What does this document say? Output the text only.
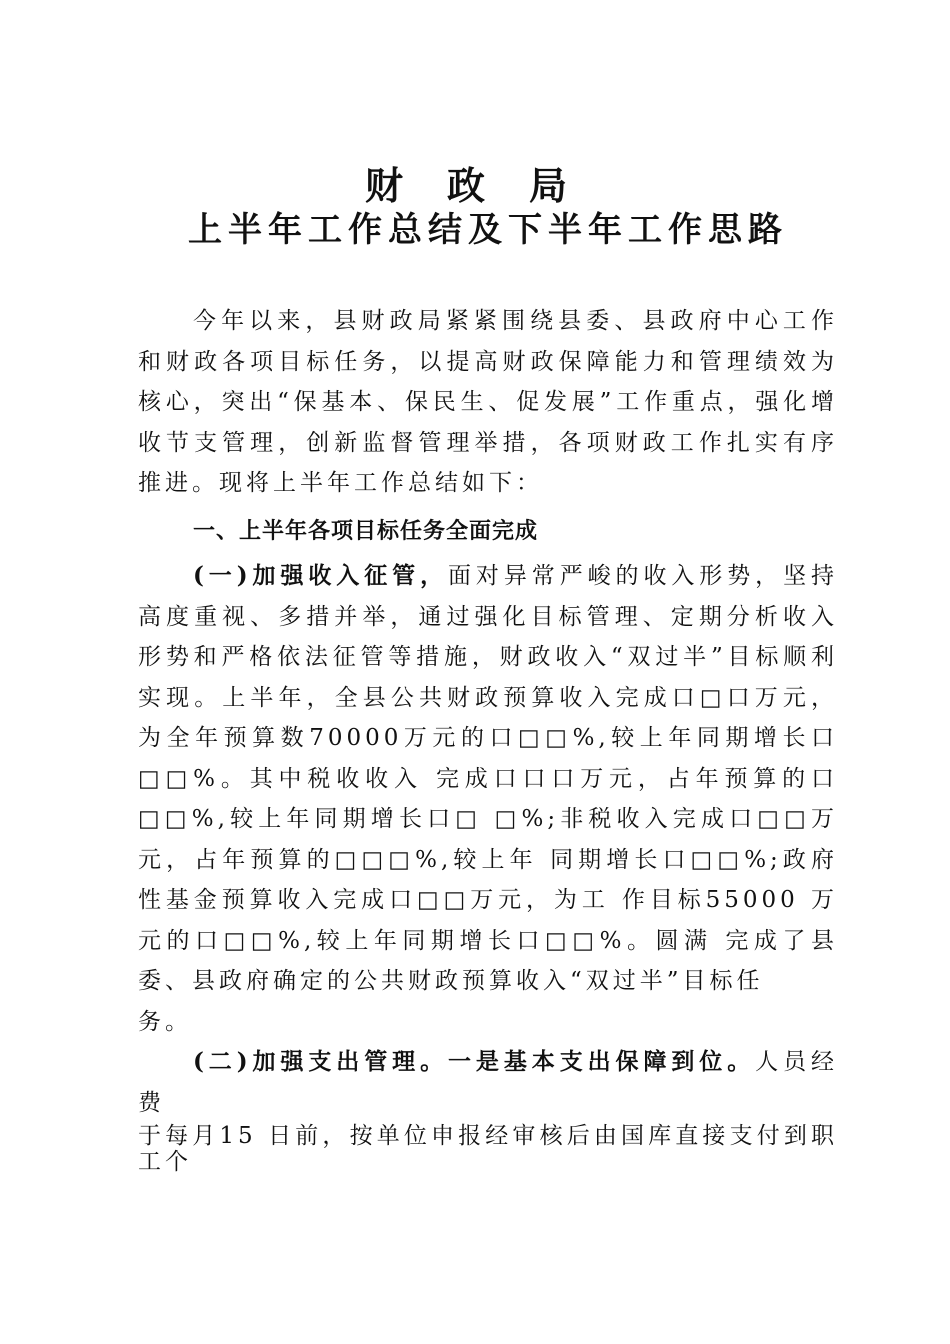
财政局
上半年工作总结及下半年工作思路

今年以来，县财政局紧紧围绕县委、县政府中心工作和财政各项目标任务，以提高财政保障能力和管理绩效为核心，突出“保基本、保民生、促发展”工作重点，强化增收节支管理，创新监督管理举措，各项财政工作扎实有序推进。现将上半年工作总结如下：

一、上半年各项目标任务全面完成

(一)加强收入征管，面对异常严峻的收入形势，坚持高度重视、多措并举，通过强化目标管理、定期分析收入形势和严格依法征管等措施，财政收入“双过半”目标顺利实现。上半年，全县公共财政预算收入完成口□口万元，为全年预算数70000万元的口□□%,较上年同期增长口□□%。其中税收收入 完成口口口万元，占年预算的口□□%,较上年同期增长口□ □%;非税收入完成口□□万元，占年预算的□□□%,较上年 同期增长口□□%;政府性基金预算收入完成口□□万元，为工 作目标55000 万元的口□□%,较上年同期增长口□□%。圆满 完成了县委、县政府确定的公共财政预算收入“双过半”目标任

务。

(二)加强支出管理。一是基本支出保障到位。人员经费

于每月15 日前，按单位申报经审核后由国库直接支付到职工个
